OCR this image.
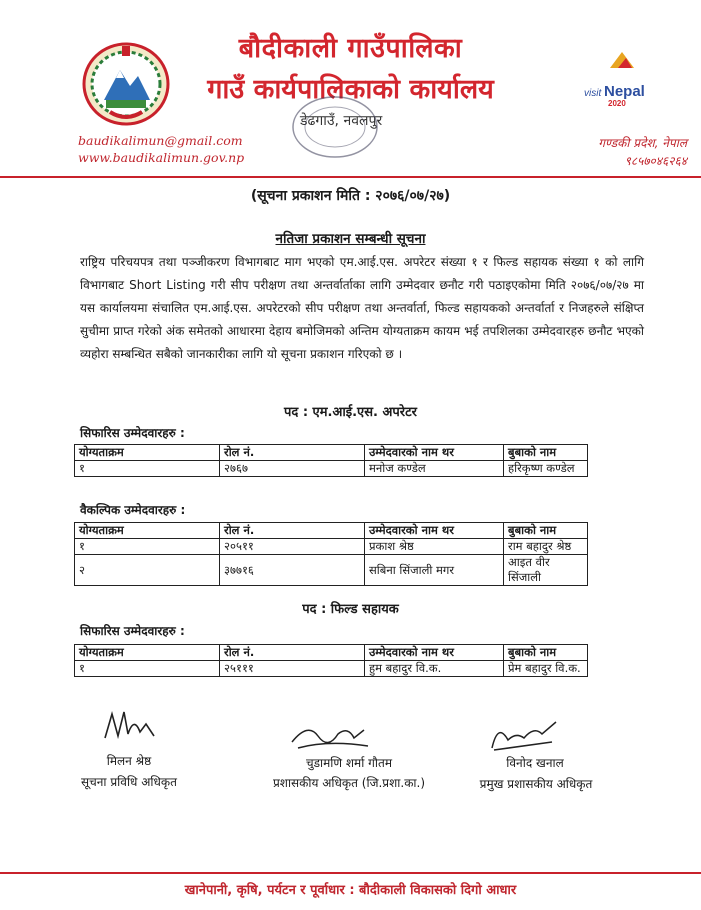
visit Nepal
2020
बौदीकाली गाउँपालिका
गाउँ कार्यपालिकाको कार्यालय
डेढगाउँ, नवलपुर
baudikalimun@gmail.com
www.baudikalimun.gov.np
गण्डकी प्रदेश, नेपाल
९८५७०४६२६४
(सूचना प्रकाशन मिति : २०७६/०७/२७)
नतिजा प्रकाशन सम्बन्धी सूचना
राष्ट्रिय परिचयपत्र तथा पञ्जीकरण विभागबाट माग भएको एम.आई.एस. अपरेटर संख्या १ र फिल्ड सहायक संख्या १ को लागि विभागबाट Short Listing गरी सीप परीक्षण तथा अन्तर्वार्ताका लागि उम्मेदवार छनौट गरी पठाइएकोमा मिति २०७६/०७/२७ मा यस कार्यालयमा संचालित एम.आई.एस. अपरेटरको सीप परीक्षण तथा अन्तर्वार्ता, फिल्ड सहायकको अन्तर्वार्ता र निजहरुले संक्षिप्त सुचीमा प्राप्त गरेको अंक समेतको आधारमा देहाय बमोजिमको अन्तिम योग्यताक्रम कायम भई तपशिलका उम्मेदवारहरु छनौट भएको व्यहोरा सम्बन्धित सबैको जानकारीका लागि यो सूचना प्रकाशन गरिएको छ ।
पद : एम.आई.एस. अपरेटर
सिफारिस उम्मेदवारहरु :
योग्यताक्रम	रोल नं.	उम्मेदवारको नाम थर	बुबाको नाम
१	२७६७	मनोज कण्डेल	हरिकृष्ण कण्डेल
वैकल्पिक उम्मेदवारहरु :
योग्यताक्रम	रोल नं.	उम्मेदवारको नाम थर	बुबाको नाम
१	२०५११	प्रकाश श्रेष्ठ	राम बहादुर श्रेष्ठ
२	३७७१६	सबिना सिंजाली मगर	आइत वीर सिंजाली
पद : फिल्ड सहायक
सिफारिस उम्मेदवारहरु :
योग्यताक्रम	रोल नं.	उम्मेदवारको नाम थर	बुबाको नाम
१	२५१११	हुम बहादुर वि.क.	प्रेम बहादुर वि.क.
मिलन श्रेष्ठ
सूचना प्रविधि अधिकृत
चुडामणि शर्मा गौतम
प्रशासकीय अधिकृत (जि.प्रशा.का.)
विनोद खनाल
प्रमुख प्रशासकीय अधिकृत
खानेपानी, कृषि, पर्यटन र पूर्वाधार : बौदीकाली विकासको दिगो आधार
